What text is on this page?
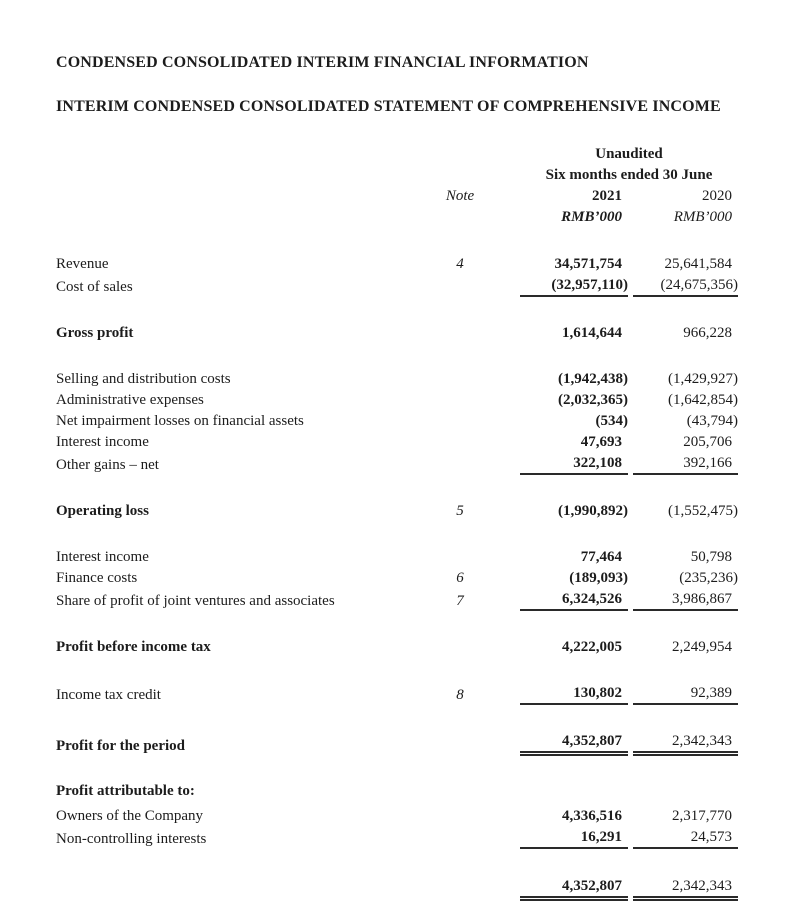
CONDENSED CONSOLIDATED INTERIM FINANCIAL INFORMATION
INTERIM CONDENSED CONSOLIDATED STATEMENT OF COMPREHENSIVE INCOME
			Unaudited		
			Six months ended 30 June		
	Note		2021		2020
			RMB’000		RMB’000

Revenue	4		34,571,754		25,641,584
Cost of sales			(32,957,110)		(24,675,356)

Gross profit			1,614,644		966,228

Selling and distribution costs			(1,942,438)		(1,429,927)
Administrative expenses			(2,032,365)		(1,642,854)
Net impairment losses on financial assets			(534)		(43,794)
Interest income			47,693		205,706
Other gains – net			322,108		392,166

Operating loss	5		(1,990,892)		(1,552,475)

Interest income			77,464		50,798
Finance costs	6		(189,093)		(235,236)
Share of profit of joint ventures and associates	7		6,324,526		3,986,867

Profit before income tax			4,222,005		2,249,954

Income tax credit	8		130,802		92,389

Profit for the period			4,352,807		2,342,343

Profit attributable to:					

Owners of the Company			4,336,516		2,317,770
Non-controlling interests			16,291		24,573

			4,352,807		2,342,343
